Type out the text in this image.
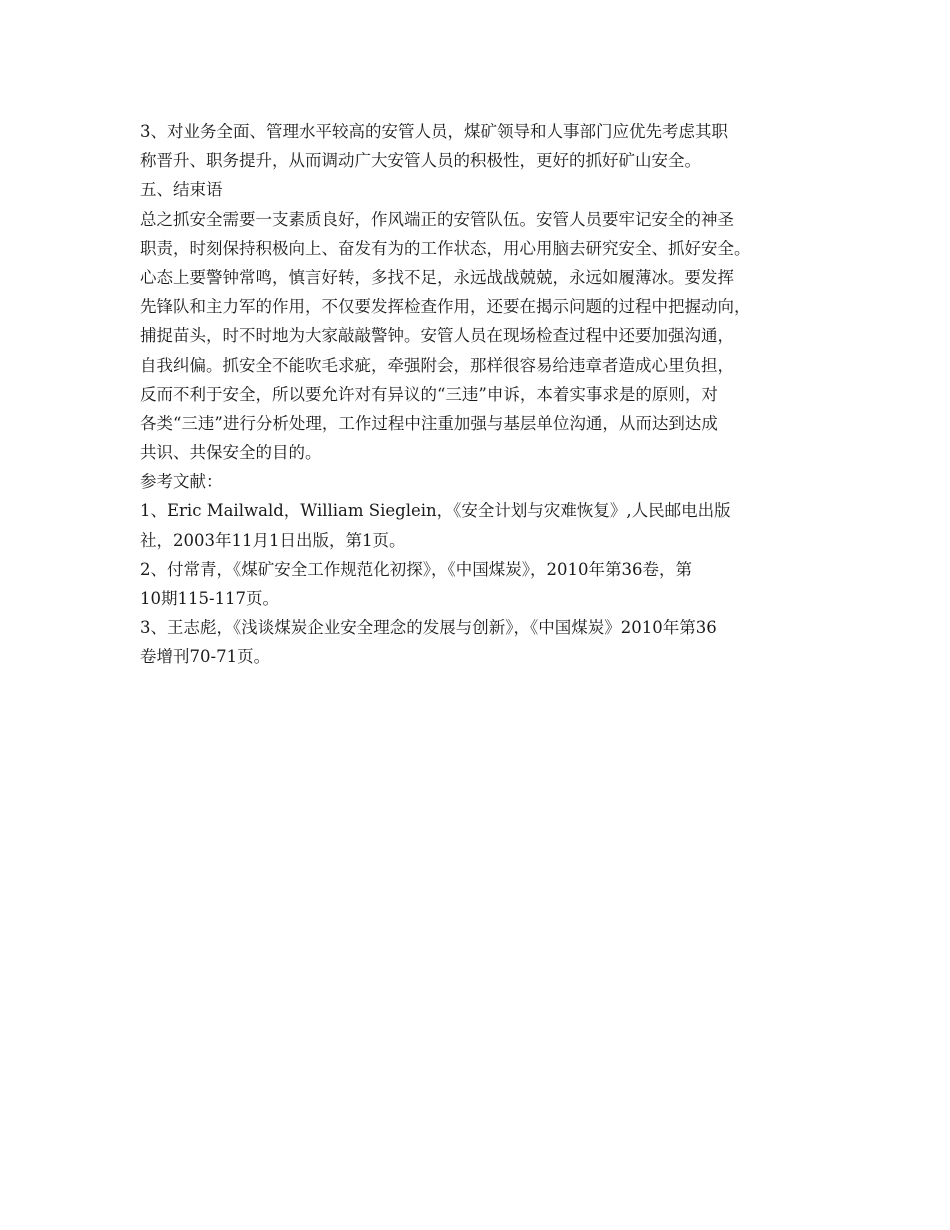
3、对业务全面、管理水平较高的安管人员，煤矿领导和人事部门应优先考虑其职
称晋升、职务提升，从而调动广大安管人员的积极性，更好的抓好矿山安全。
五、结束语
总之抓安全需要一支素质良好，作风端正的安管队伍。安管人员要牢记安全的神圣
职责，时刻保持积极向上、奋发有为的工作状态，用心用脑去研究安全、抓好安全。
心态上要警钟常鸣，慎言好转，多找不足，永远战战兢兢，永远如履薄冰。要发挥
先锋队和主力军的作用，不仅要发挥检查作用，还要在揭示问题的过程中把握动向，
捕捉苗头，时不时地为大家敲敲警钟。安管人员在现场检查过程中还要加强沟通，
自我纠偏。抓安全不能吹毛求疵，牵强附会，那样很容易给违章者造成心里负担，
反而不利于安全，所以要允许对有异议的“三违”申诉，本着实事求是的原则，对
各类“三违”进行分析处理，工作过程中注重加强与基层单位沟通，从而达到达成
共识、共保安全的目的。
参考文献：
1、Eric Mailwald，William Sieglein，《安全计划与灾难恢复》,人民邮电出版
社，2003年11月1日出版，第1页。
2、付常青，《煤矿安全工作规范化初探》，《中国煤炭》，2010年第36卷，第
10期115-117页。
3、王志彪，《浅谈煤炭企业安全理念的发展与创新》，《中国煤炭》2010年第36
卷增刊70-71页。
